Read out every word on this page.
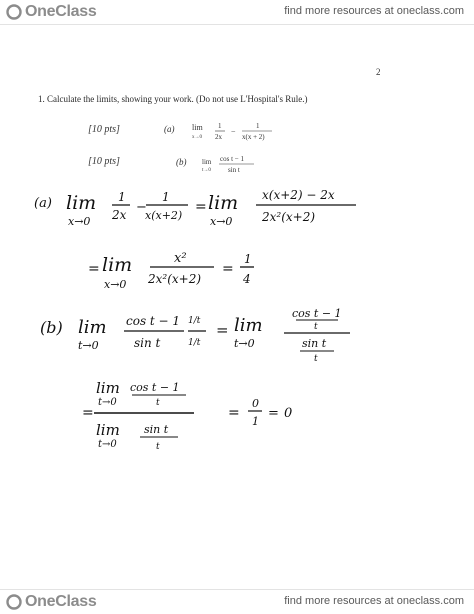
OneClass	find more resources at oneclass.com
2
1. Calculate the limits, showing your work. (Do not use L'Hospital's Rule.)
[10 pts]	(a) lim
x→0
1
2x
−
1
x(x + 2)
[10 pts]	(b) lim
t→0
cos t − 1
sin t
(a) lim
x→0
1
2x −
1
x(x+2)
= lim
x→0
x(x+2) − 2x
2x²(x+2)
= lim
x→0
x²
2x²(x+2)
=
1
4
(b) lim
t→0
cos t − 1
sin t
1/t
1/t
= lim
t→0
cos t − 1
t
sin t
t
=
lim
t→0
cos t − 1
t
lim
t→0
sin t
t
=
0
1
= 0
OneClass	find more resources at oneclass.com
